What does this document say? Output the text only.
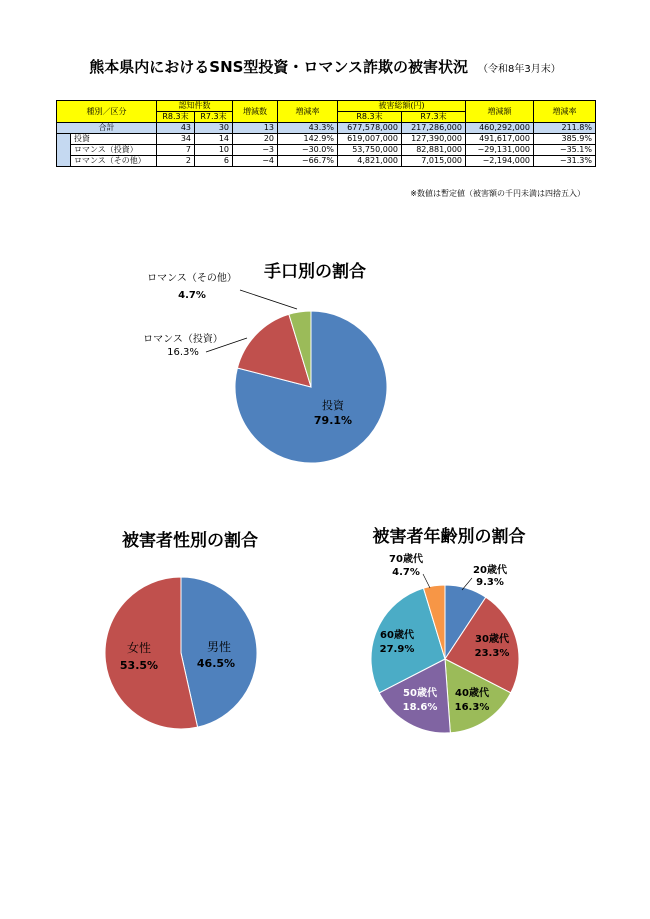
熊本県内におけるSNS型投資・ロマンス詐欺の被害状況 （令和8年3月末）
種別／区分		認知件数		増減数	増減率	被害総額(円)		増減額	増減率
		R8.3末	R7.3末			R8.3末	R7.3末		
合計		43	30	13	43.3%	677,578,000	217,286,000	460,292,000	211.8%
	投資	34	14	20	142.9%	619,007,000	127,390,000	491,617,000	385.9%
	ロマンス（投資）	7	10	−3	−30.0%	53,750,000	82,881,000	−29,131,000	−35.1%
	ロマンス（その他）	2	6	−4	−66.7%	4,821,000	7,015,000	−2,194,000	−31.3%
※数値は暫定値（被害額の千円未満は四捨五入）
手口別の割合
投資
79.1%
ロマンス（投資）
16.3%
ロマンス（その他）
4.7%
被害者性別の割合
男性
46.5%
女性
53.5%
被害者年齢別の割合
20歳代
9.3%
30歳代
23.3%
40歳代
16.3%
50歳代
18.6%
60歳代
27.9%
70歳代
4.7%
